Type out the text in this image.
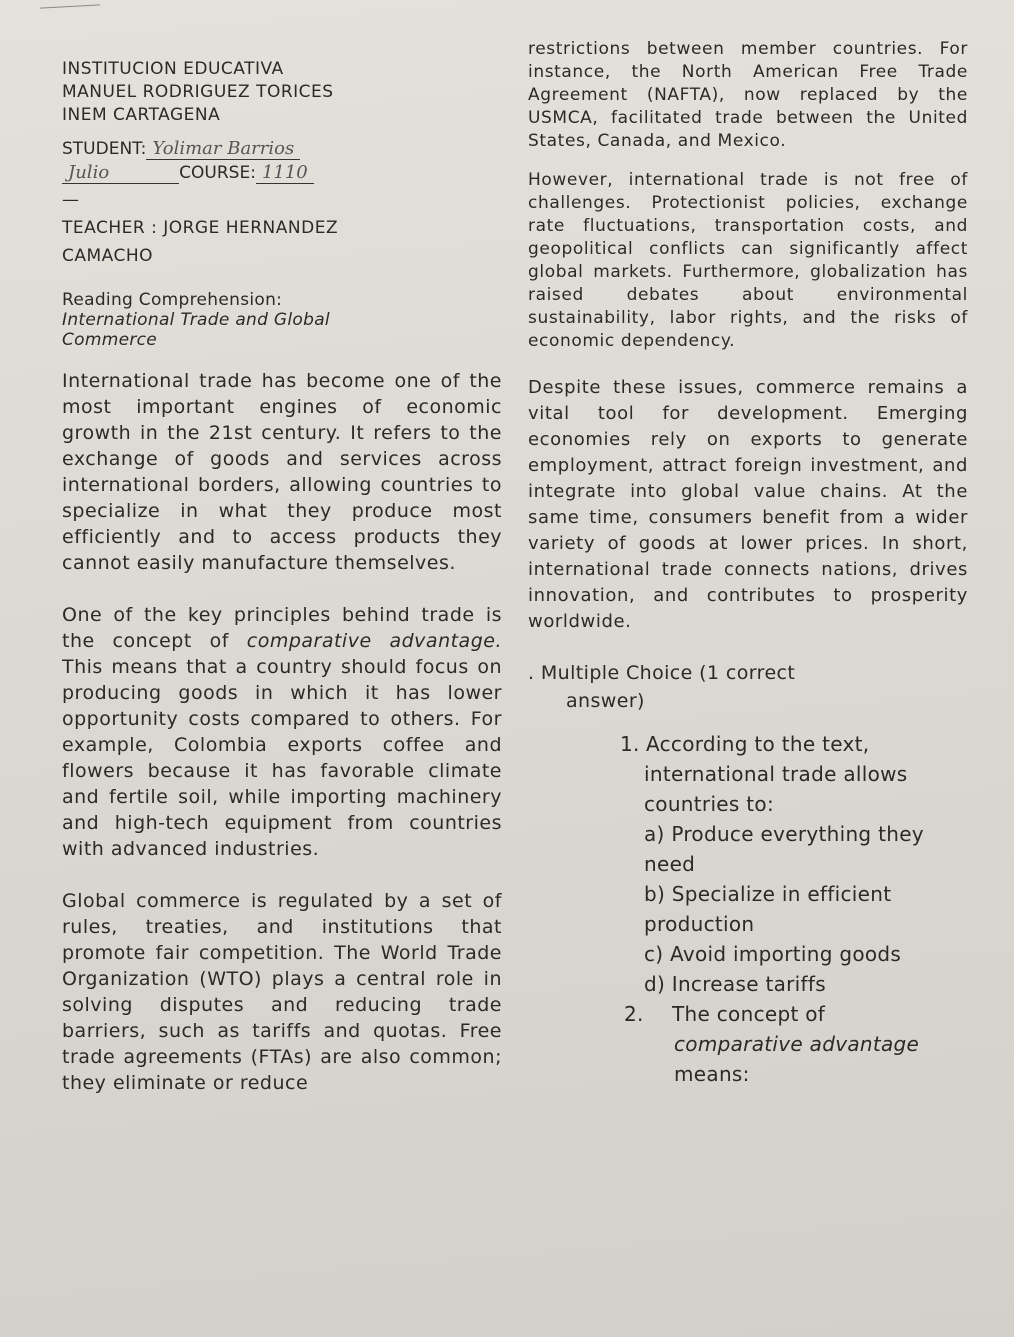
INSTITUCION EDUCATIVA
MANUEL RODRIGUEZ TORICES
INEM CARTAGENA
STUDENT: Yolimar Barrios
Julio	COURSE: 1110
—
TEACHER : JORGE HERNANDEZ
CAMACHO
Reading Comprehension:
International Trade and Global
Commerce

International trade has become one of the most important engines of economic growth in the 21st century. It refers to the exchange of goods and services across international borders, allowing countries to specialize in what they produce most efficiently and to access products they cannot easily manufacture themselves.

One of the key principles behind trade is the concept of comparative advantage. This means that a country should focus on producing goods in which it has lower opportunity costs compared to others. For example, Colombia exports coffee and flowers because it has favorable climate and fertile soil, while importing machinery and high-tech equipment from countries with advanced industries.

Global commerce is regulated by a set of rules, treaties, and institutions that promote fair competition. The World Trade Organization (WTO) plays a central role in solving disputes and reducing trade barriers, such as tariffs and quotas. Free trade agreements (FTAs) are also common; they eliminate or reduce

restrictions between member countries. For instance, the North American Free Trade Agreement (NAFTA), now replaced by the USMCA, facilitated trade between the United States, Canada, and Mexico.

However, international trade is not free of challenges. Protectionist policies, exchange rate fluctuations, transportation costs, and geopolitical conflicts can significantly affect global markets. Furthermore, globalization has raised debates about environmental sustainability, labor rights, and the risks of economic dependency.

Despite these issues, commerce remains a vital tool for development. Emerging economies rely on exports to generate employment, attract foreign investment, and integrate into global value chains. At the same time, consumers benefit from a wider variety of goods at lower prices. In short, international trade connects nations, drives innovation, and contributes to prosperity worldwide.

. Multiple Choice (1 correct
answer)
1. According to the text,
international trade allows
countries to:
a) Produce everything they
need
b) Specialize in efficient
production
c) Avoid importing goods
d) Increase tariffs
2.	The concept of
comparative advantage
means:
